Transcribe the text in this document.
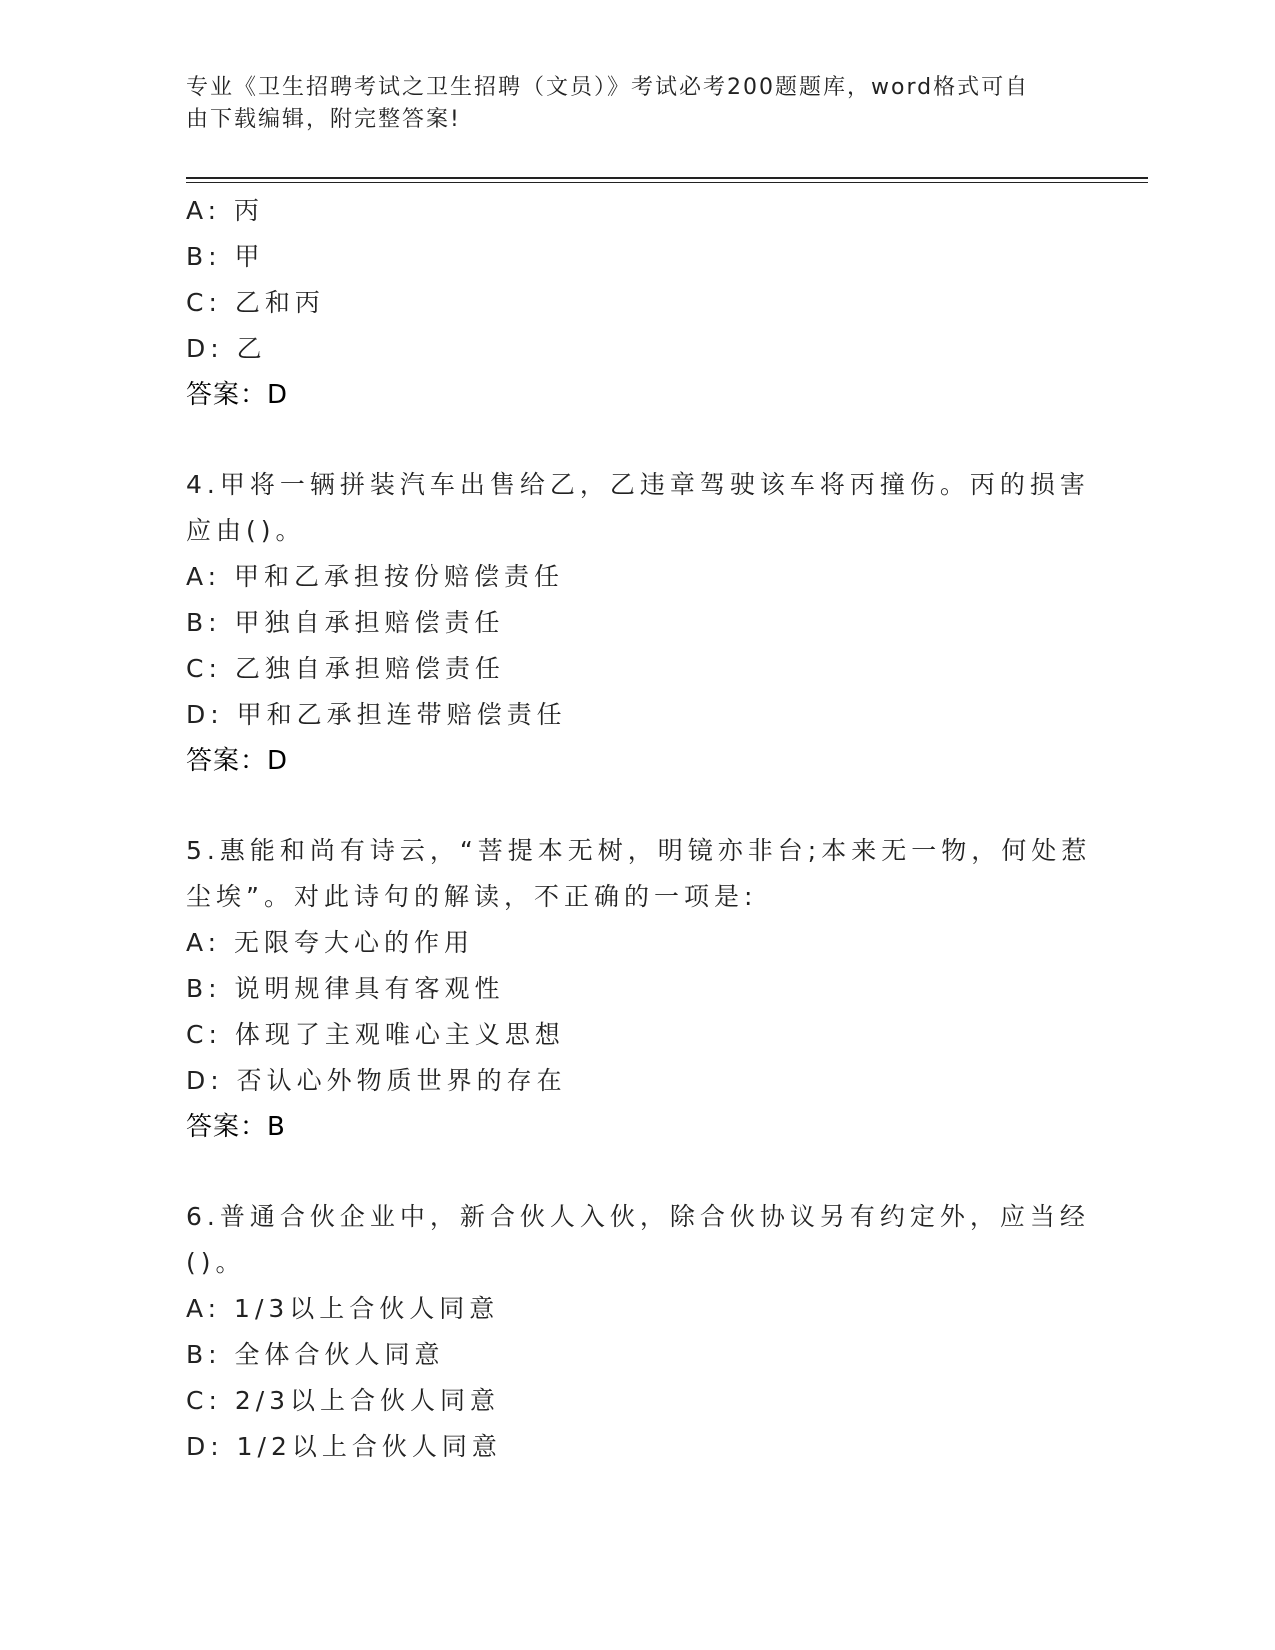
专业《卫生招聘考试之卫生招聘（文员）》考试必考200题题库，word格式可自
由下载编辑，附完整答案!
A: 丙
B: 甲
C: 乙和丙
D: 乙
答案：D
4.甲将一辆拼装汽车出售给乙，乙违章驾驶该车将丙撞伤。丙的损害
应由()。
A: 甲和乙承担按份赔偿责任
B: 甲独自承担赔偿责任
C: 乙独自承担赔偿责任
D: 甲和乙承担连带赔偿责任
答案：D
5.惠能和尚有诗云，“菩提本无树，明镜亦非台;本来无一物，何处惹
尘埃”。对此诗句的解读，不正确的一项是:
A: 无限夸大心的作用
B: 说明规律具有客观性
C: 体现了主观唯心主义思想
D: 否认心外物质世界的存在
答案：B
6.普通合伙企业中，新合伙人入伙，除合伙协议另有约定外，应当经
()。
A: 1/3以上合伙人同意
B: 全体合伙人同意
C: 2/3以上合伙人同意
D: 1/2以上合伙人同意
